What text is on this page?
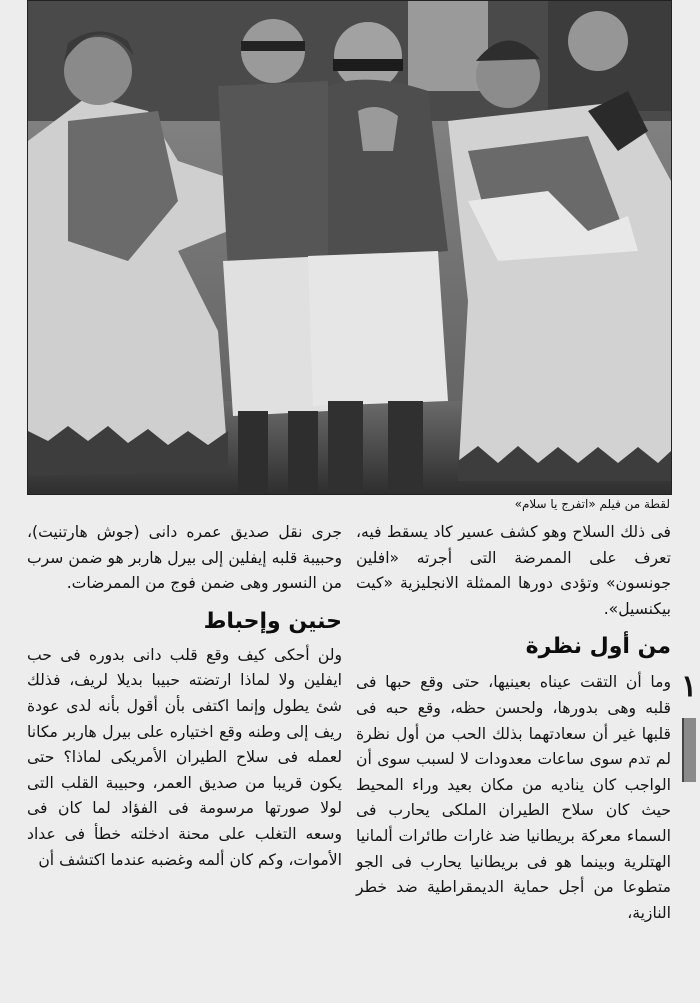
لقطة من فيلم «اتفرج يا سلام»

فى ذلك السلاح وهو كشف عسير كاد يسقط فيه، تعرف على الممرضة التى أجرته «افلين جونسون» وتؤدى دورها الممثلة الانجليزية «كيت بيكنسيل».

من أول نظرة

وما أن التقت عيناه بعينيها، حتى وقع حبها فى قلبه وهى بدورها، ولحسن حظه، وقع حبه فى قلبها غير أن سعادتهما بذلك الحب من أول نظرة لم تدم سوى ساعات معدودات لا لسبب سوى أن الواجب كان يناديه من مكان بعيد وراء المحيط حيث كان سلاح الطيران الملكى يحارب فى السماء معركة بريطانيا ضد غارات طائرات ألمانيا الهتلرية وبينما هو فى بريطانيا يحارب فى الجو متطوعا من أجل حماية الديمقراطية ضد خطر النازية،

جرى نقل صديق عمره دانى (جوش هارتنيت)، وحبيبة قلبه إيفلين إلى بيرل هاربر هو ضمن سرب من النسور وهى ضمن فوج من الممرضات.

حنين وإحباط

ولن أحكى كيف وقع قلب دانى بدوره فى حب ايفلين ولا لماذا ارتضته حبيبا بديلا لريف، فذلك شئ يطول وإنما اكتفى بأن أقول بأنه لدى عودة ريف إلى وطنه وقع اختياره على بيرل هاربر مكانا لعمله فى سلاح الطيران الأمريكى لماذا؟ حتى يكون قريبا من صديق العمر، وحبيبة القلب التى لولا صورتها مرسومة فى الفؤاد لما كان فى وسعه التغلب على محنة ادخلته خطأ فى عداد الأموات، وكم كان ألمه وغضبه عندما اكتشف أن

١
